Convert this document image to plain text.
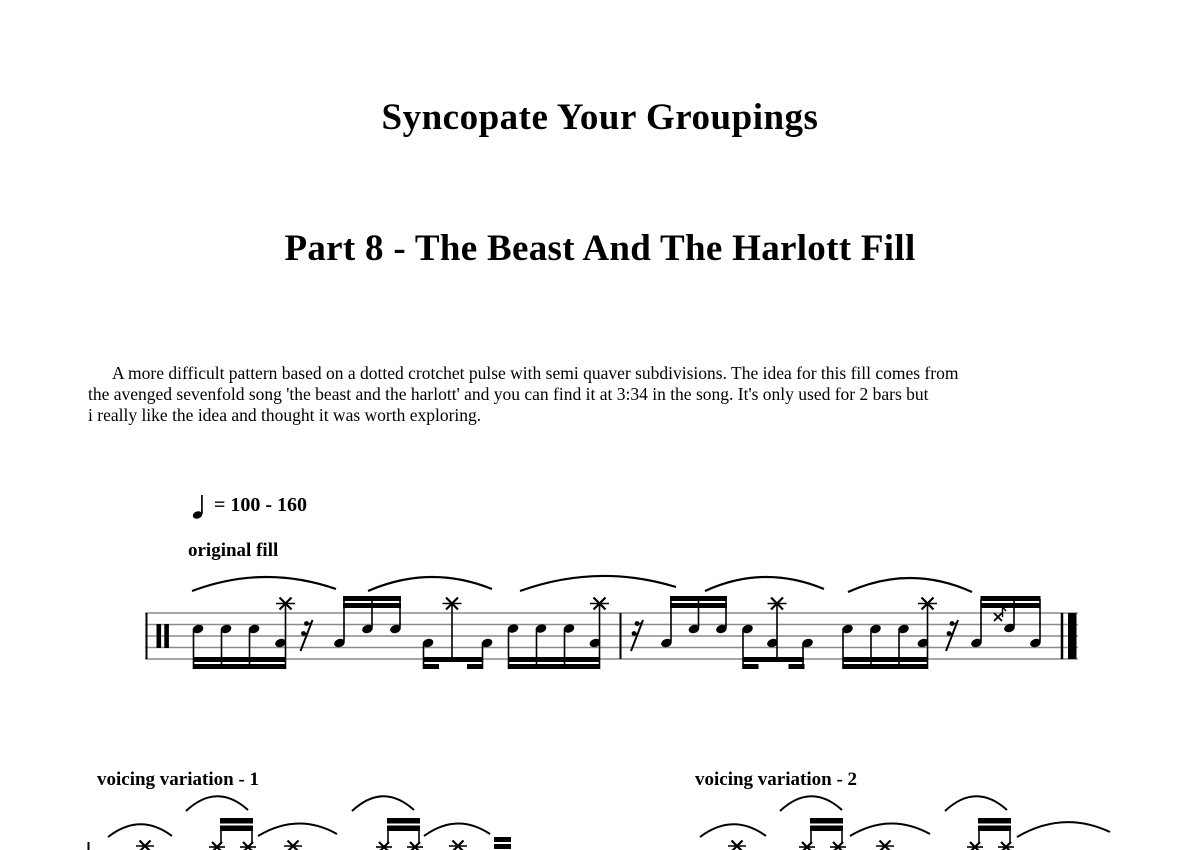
Syncopate Your Groupings
Part 8 - The Beast And The Harlott Fill
A more difficult pattern based on a dotted crotchet pulse with semi quaver subdivisions. The idea for this fill comes from
the avenged sevenfold song 'the beast and the harlott' and you can find it at 3:34 in the song. It's only used for 2 bars but
i really like the idea and thought it was worth exploring.
= 100 - 160
original fill
voicing variation - 1	voicing variation - 2
